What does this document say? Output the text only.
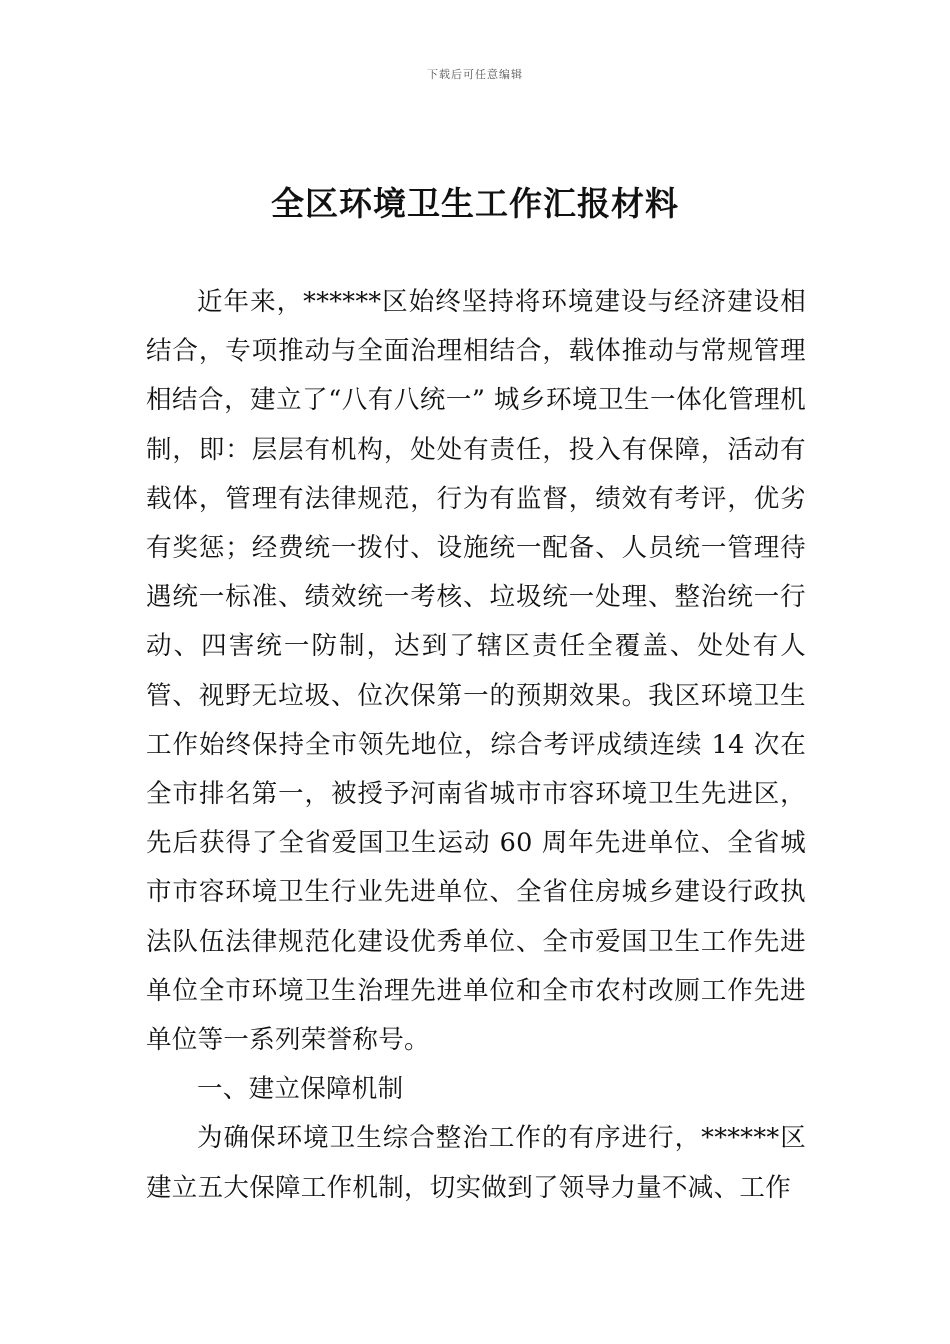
下载后可任意编辑
全区环境卫生工作汇报材料

近年来，******区始终坚持将环境建设与经济建设相结合，专项推动与全面治理相结合，载体推动与常规管理相结合，建立了“八有八统一” 城乡环境卫生一体化管理机制，即：层层有机构，处处有责任，投入有保障，活动有载体，管理有法律规范，行为有监督，绩效有考评，优劣有奖惩；经费统一拨付、设施统一配备、人员统一管理待遇统一标准、绩效统一考核、垃圾统一处理、整治统一行动、四害统一防制，达到了辖区责任全覆盖、处处有人管、视野无垃圾、位次保第一的预期效果。我区环境卫生工作始终保持全市领先地位，综合考评成绩连续 14 次在全市排名第一，被授予河南省城市市容环境卫生先进区，先后获得了全省爱国卫生运动 60 周年先进单位、全省城市市容环境卫生行业先进单位、全省住房城乡建设行政执法队伍法律规范化建设优秀单位、全市爱国卫生工作先进单位全市环境卫生治理先进单位和全市农村改厕工作先进单位等一系列荣誉称号。

一、建立保障机制

为确保环境卫生综合整治工作的有序进行，******区建立五大保障工作机制，切实做到了领导力量不减、工作
